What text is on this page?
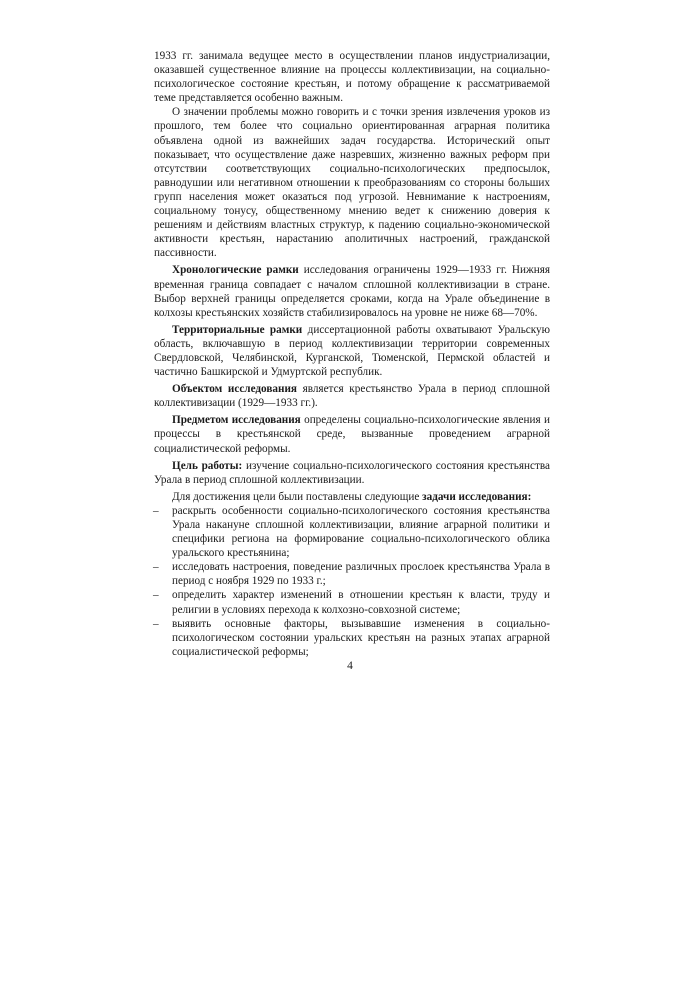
1933 гг. занимала ведущее место в осуществлении планов индустриализации, оказавшей существенное влияние на процессы коллективизации, на социально-психологическое состояние крестьян, и потому обращение к рассматриваемой теме представляется особенно важным.

О значении проблемы можно говорить и с точки зрения извлечения уроков из прошлого, тем более что социально ориентированная аграрная политика объявлена одной из важнейших задач государства. Исторический опыт показывает, что осуществление даже назревших, жизненно важных реформ при отсутствии соответствующих социально-психологических предпосылок, равнодушии или негативном отношении к преобразованиям со стороны больших групп населения может оказаться под угрозой. Невнимание к настроениям, социальному тонусу, общественному мнению ведет к снижению доверия к решениям и действиям властных структур, к падению социально-экономической активности крестьян, нарастанию аполитичных настроений, гражданской пассивности.

Хронологические рамки исследования ограничены 1929—1933 гг. Нижняя временная граница совпадает с началом сплошной коллективизации в стране. Выбор верхней границы определяется сроками, когда на Урале объединение в колхозы крестьянских хозяйств стабилизировалось на уровне не ниже 68—70%.

Территориальные рамки диссертационной работы охватывают Уральскую область, включавшую в период коллективизации территории современных Свердловской, Челябинской, Курганской, Тюменской, Пермской областей и частично Башкирской и Удмуртской республик.

Объектом исследования является крестьянство Урала в период сплошной коллективизации (1929—1933 гг.).

Предметом исследования определены социально-психологические явления и процессы в крестьянской среде, вызванные проведением аграрной социалистической реформы.

Цель работы: изучение социально-психологического состояния крестьянства Урала в период сплошной коллективизации.

Для достижения цели были поставлены следующие задачи исследования:

– раскрыть особенности социально-психологического состояния крестьянства Урала накануне сплошной коллективизации, влияние аграрной политики и специфики региона на формирование социально-психологического облика уральского крестьянина;
– исследовать настроения, поведение различных прослоек крестьянства Урала в период с ноября 1929 по 1933 г.;
– определить характер изменений в отношении крестьян к власти, труду и религии в условиях перехода к колхозно-совхозной системе;
– выявить основные факторы, вызывавшие изменения в социально-психологическом состоянии уральских крестьян на разных этапах аграрной социалистической реформы;
4
